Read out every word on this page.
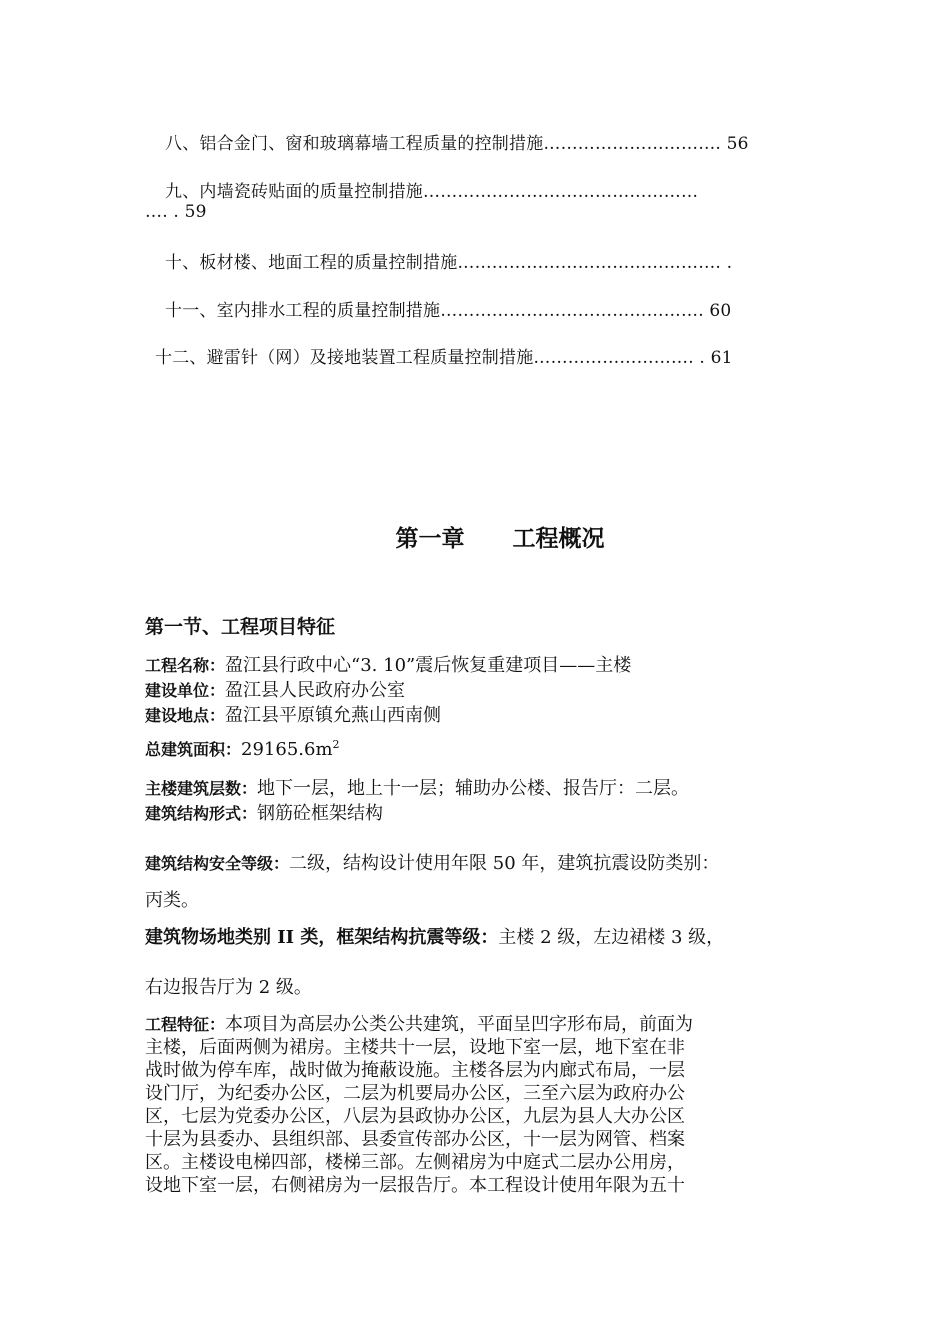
八、铝合金门、窗和玻璃幕墙工程质量的控制措施…………………………. 56
九、内墙瓷砖贴面的质量控制措施…………………………………………
…. . 59
十、板材楼、地面工程的质量控制措施………………………………………. .
十一、室内排水工程的质量控制措施………………………………………. 60
十二、避雷针（网）及接地装置工程质量控制措施………………………. . 61
第一章 工程概况
第一节、工程项目特征
工程名称：盈江县行政中心“3. 10”震后恢复重建项目——主楼
建设单位：盈江县人民政府办公室
建设地点：盈江县平原镇允燕山西南侧
总建筑面积：$29165.6m^2$
主楼建筑层数：地下一层，地上十一层；辅助办公楼、报告厅：二层。
建筑结构形式：钢筋砼框架结构
建筑结构安全等级：二级，结构设计使用年限 50 年，建筑抗震设防类别：
丙类。
建筑物场地类别 II 类，框架结构抗震等级：主楼 2 级，左边裙楼 3 级，
右边报告厅为 2 级。
工程特征：本项目为高层办公类公共建筑，平面呈凹字形布局，前面为
主楼，后面两侧为裙房。主楼共十一层，设地下室一层，地下室在非
战时做为停车库，战时做为掩蔽设施。主楼各层为内廊式布局，一层
设门厅，为纪委办公区，二层为机要局办公区，三至六层为政府办公
区，七层为党委办公区，八层为县政协办公区，九层为县人大办公区
十层为县委办、县组织部、县委宣传部办公区，十一层为网管、档案
区。主楼设电梯四部，楼梯三部。左侧裙房为中庭式二层办公用房，
设地下室一层，右侧裙房为一层报告厅。本工程设计使用年限为五十
